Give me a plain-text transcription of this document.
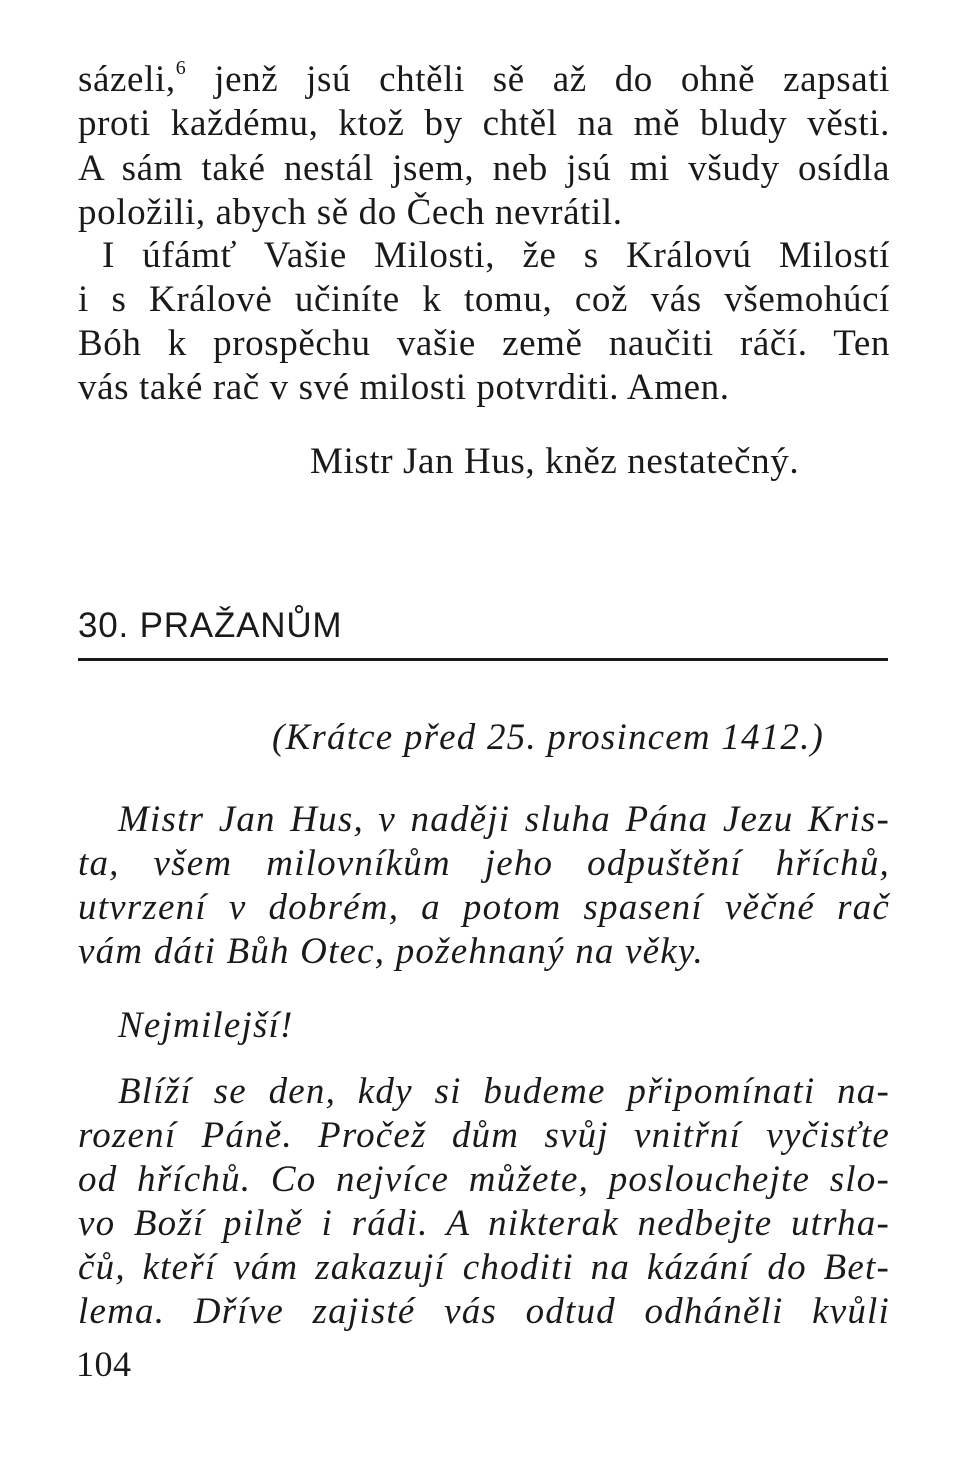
sázeli,$^6$ jenž jsú chtěli sě až do ohně zapsati
proti každému, ktož by chtěl na mě bludy věsti.
A sám také nestál jsem, neb jsú mi všudy osídla
položili, abych sě do Čech nevrátil.
I úfámť Vašie Milosti, že s Královú Milostí
i s Královė učiníte k tomu, což vás všemohúcí
Bóh k prospěchu vašie země naučiti ráčí. Ten
vás také rač v své milosti potvrditi. Amen.
Mistr Jan Hus, kněz nestatečný.
30. PRAŽANŮM
(Krátce před 25. prosincem 1412.)
Mistr Jan Hus, v naději sluha Pána Jezu Kris-
ta, všem milovníkům jeho odpuštění hříchů,
utvrzení v dobrém, a potom spasení věčné rač
vám dáti Bůh Otec, požehnaný na věky.
Nejmilejší!
Blíží se den, kdy si budeme připomínati na-
rození Páně. Pročež dům svůj vnitřní vyčisťte
od hříchů. Co nejvíce můžete, poslouchejte slo-
vo Boží pilně i rádi. A nikterak nedbejte utrha-
čů, kteří vám zakazují choditi na kázání do Bet-
lema. Dříve zajisté vás odtud odháněli kvůli
104
